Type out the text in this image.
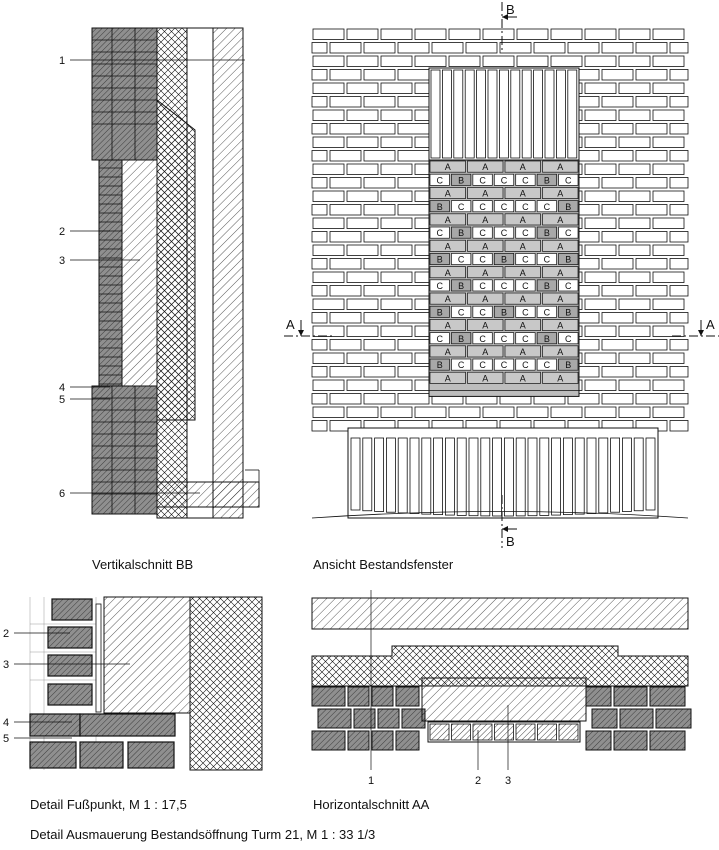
1
2
3
4
5
6
A	A	A	A
C B C C C B C
A	A	A	A
B C C C C C B
A	A	A	A
C B C C C B C
A	A	A	A
B C C B C C B
A	A	A	A
C B C C C B C
A	A	A	A
B C C B C C B
A	A	A	A
C B C C C B C
A	A	A	A
B C C C C C B
A	A	A	A
B
B
A	A
2
3
4
5
1	2 3
Vertikalschnitt BB	Ansicht Bestandsfenster
Detail Fußpunkt, M 1 : 17,5	Horizontalschnitt AA
Detail Ausmauerung Bestandsöffnung Turm 21, M 1 : 33 1/3
